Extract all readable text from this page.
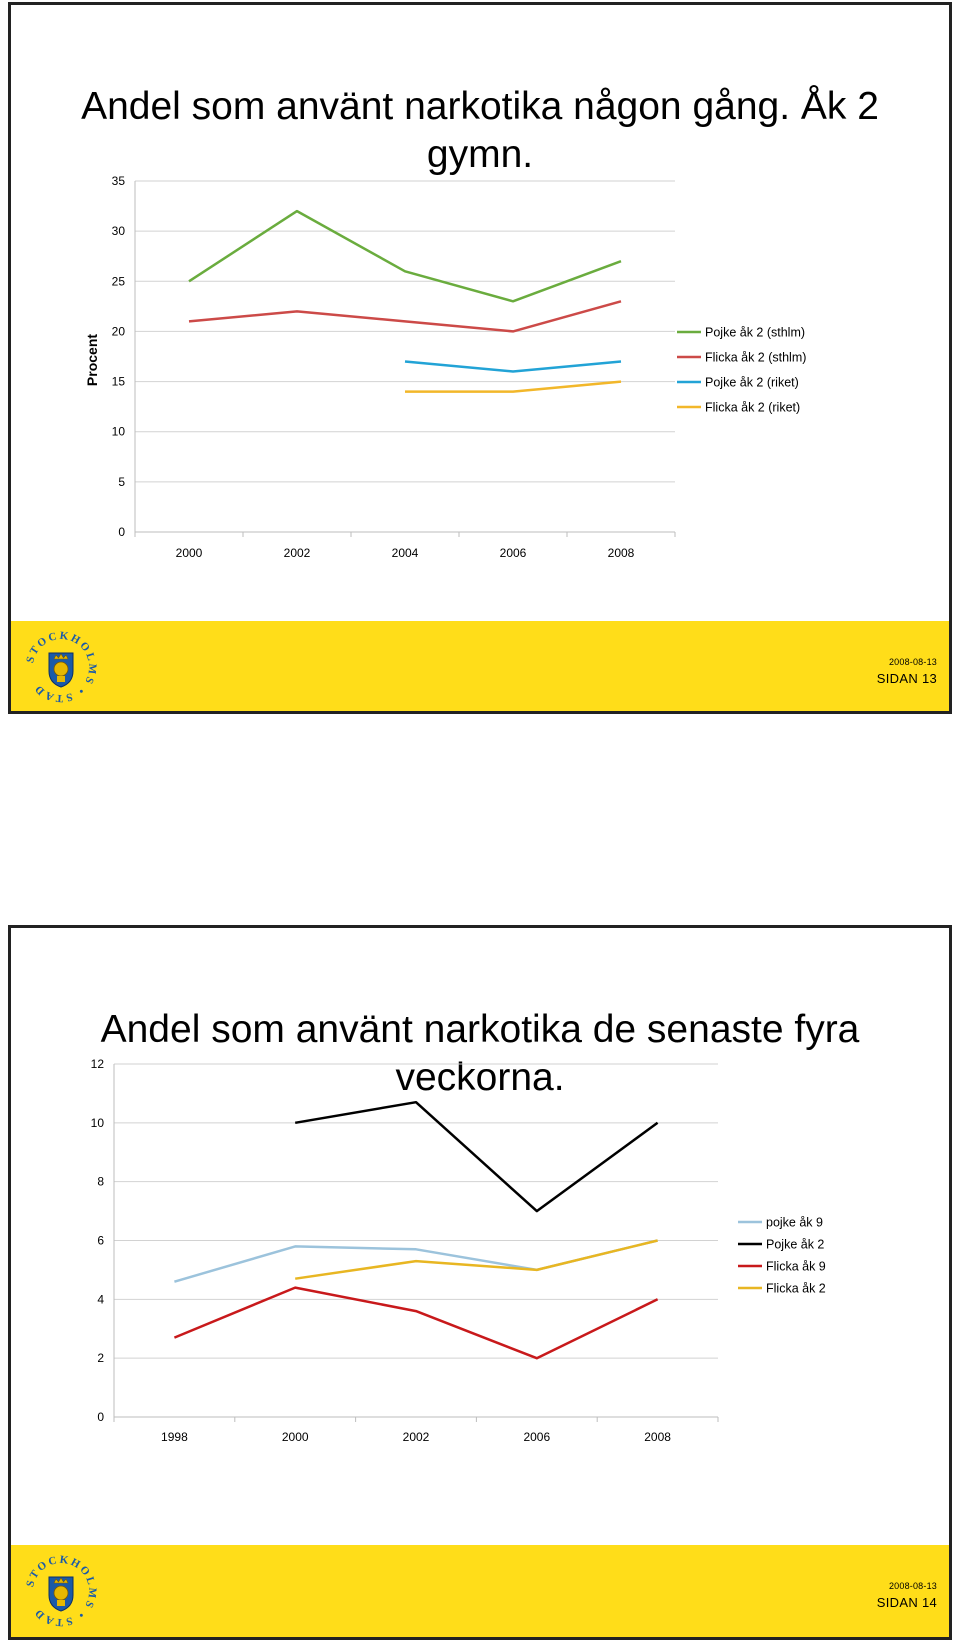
Andel som använt narkotika någon gång. Åk 2 gymn.
0
5
10
15
20
25
30
35
2000	2002	2004	2006	2008
Procent
Pojke åk 2 (sthlm)
Flicka åk 2 (sthlm)
Pojke åk 2 (riket)
Flicka åk 2 (riket)
STOCKHOLMS • STAD
2008-08-13
SIDAN 13
Andel som använt narkotika de senaste fyra veckorna.
0
2
4
6
8
10
12
1998	2000	2002	2006	2008
pojke åk 9
Pojke åk 2
Flicka åk 9
Flicka åk 2
STOCKHOLMS • STAD
2008-08-13
SIDAN 14
